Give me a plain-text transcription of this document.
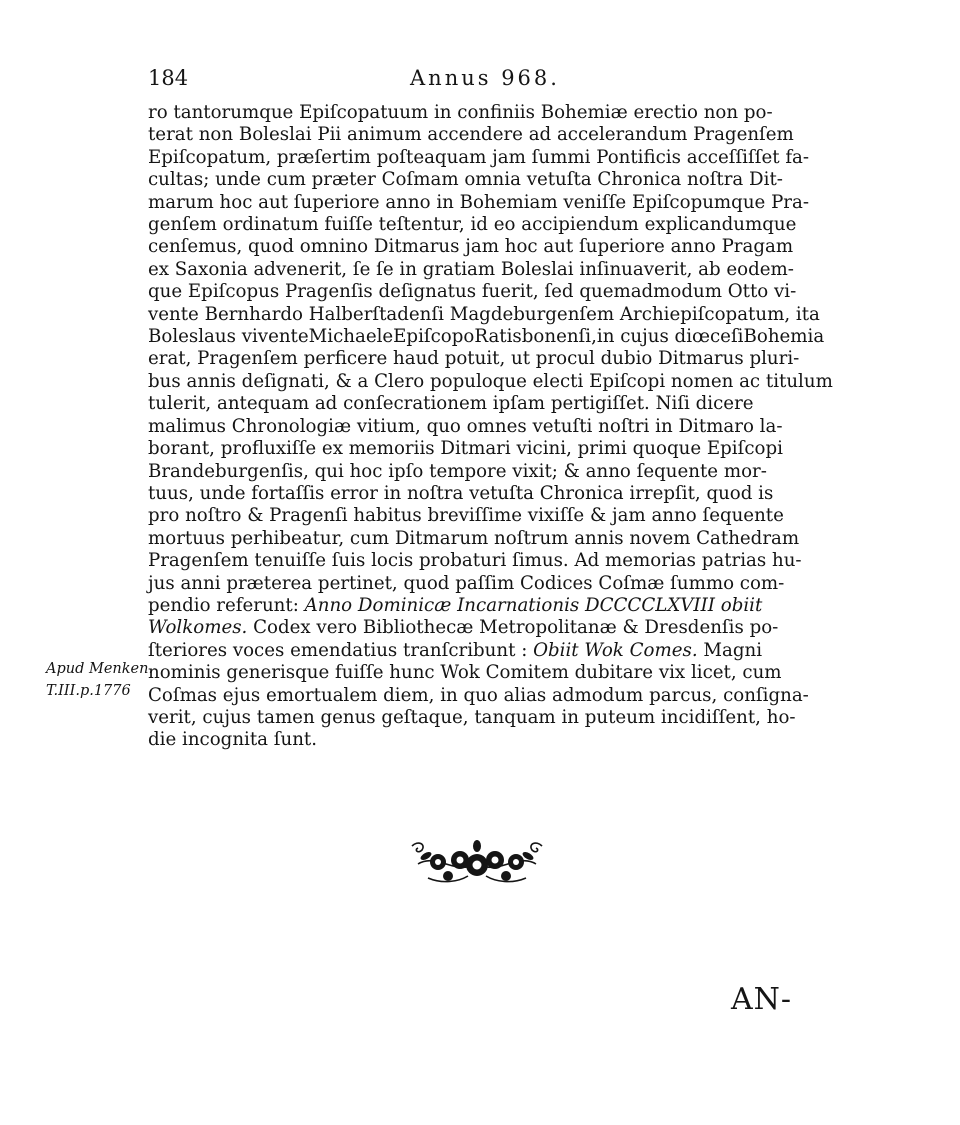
184	Annus 968.
ro tantorumque Epiſcopatuum in confiniis Bohemiæ erectio non po-
terat non Boleslai Pii animum accendere ad accelerandum Pragenſem
Epiſcopatum, præſertim poſteaquam jam ſummi Pontificis acceſſiſſet fa-
cultas; unde cum præter Coſmam omnia vetuſta Chronica noſtra Dit-
marum hoc aut ſuperiore anno in Bohemiam veniſſe Epiſcopumque Pra-
genſem ordinatum fuiſſe teſtentur, id eo accipiendum explicandumque
cenſemus, quod omnino Ditmarus jam hoc aut ſuperiore anno Pragam
ex Saxonia advenerit, ſe ſe in gratiam Boleslai inſinuaverit, ab eodem-
que Epiſcopus Pragenſis deſignatus fuerit, ſed quemadmodum Otto vi-
vente Bernhardo Halberſtadenſi Magdeburgenſem Archiepiſcopatum, ita
Boleslaus viventeMichaeleEpiſcopoRatisbonenſi,in cujus diœceſiBohemia
erat, Pragenſem perficere haud potuit, ut procul dubio Ditmarus pluri-
bus annis deſignati, & a Clero populoque electi Epiſcopi nomen ac titulum
tulerit, antequam ad conſecrationem ipſam pertigiſſet. Niſi dicere
malimus Chronologiæ vitium, quo omnes vetuſti noſtri in Ditmaro la-
borant, profluxiſſe ex memoriis Ditmari vicini, primi quoque Epiſcopi
Brandeburgenſis, qui hoc ipſo tempore vixit; & anno ſequente mor-
tuus, unde fortaſſis error in noſtra vetuſta Chronica irrepſit, quod is
pro noſtro & Pragenſi habitus breviſſime vixiſſe & jam anno ſequente
mortuus perhibeatur, cum Ditmarum noſtrum annis novem Cathedram
Pragenſem tenuiſſe ſuis locis probaturi ſimus. Ad memorias patrias hu-
jus anni præterea pertinet, quod paſſim Codices Coſmæ ſummo com-
pendio referunt: Anno Dominicæ Incarnationis DCCCCLXVIII obiit
Wolkomes. Codex vero Bibliothecæ Metropolitanæ & Dresdenſis po-
ſteriores voces emendatius tranſcribunt : Obiit Wok Comes. Magni
nominis generisque fuiſſe hunc Wok Comitem dubitare vix licet, cum
Coſmas ejus emortualem diem, in quo alias admodum parcus, conſigna-
verit, cujus tamen genus geſtaque, tanquam in puteum incidiſſent, ho-
die incognita ſunt.
Apud Menken.
T.III.p.1776
AN-
